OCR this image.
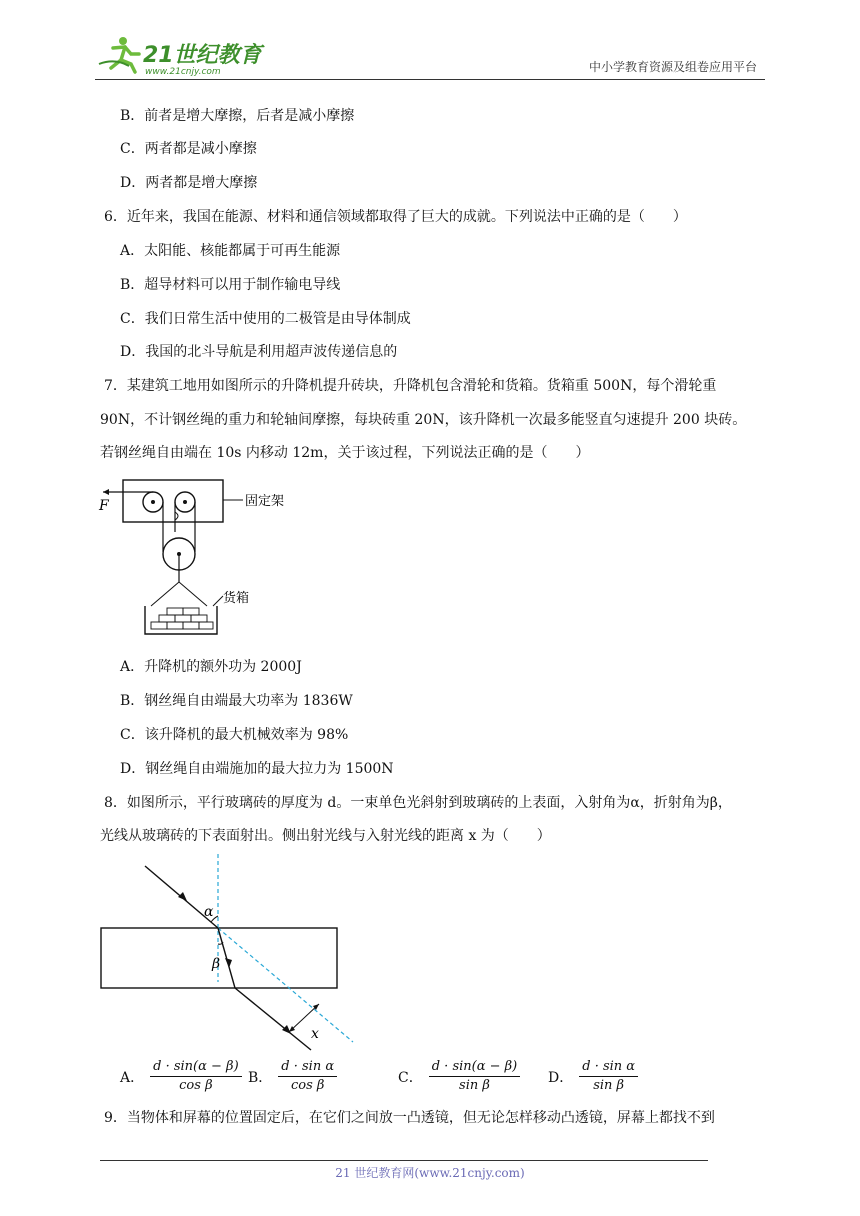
21世纪教育
www.21cnjy.com	中小学教育资源及组卷应用平台
B．前者是增大摩擦，后者是减小摩擦
C．两者都是减小摩擦
D．两者都是增大摩擦
6．近年来，我国在能源、材料和通信领域都取得了巨大的成就。下列说法中正确的是（　　）
A．太阳能、核能都属于可再生能源
B．超导材料可以用于制作输电导线
C．我们日常生活中使用的二极管是由导体制成
D．我国的北斗导航是利用超声波传递信息的
7．某建筑工地用如图所示的升降机提升砖块，升降机包含滑轮和货箱。货箱重 500N，每个滑轮重
90N，不计钢丝绳的重力和轮轴间摩擦，每块砖重 20N，该升降机一次最多能竖直匀速提升 200 块砖。
若钢丝绳自由端在 10s 内移动 12m，关于该过程，下列说法正确的是（　　）
固定架
F
货箱
A．升降机的额外功为 2000J
B．钢丝绳自由端最大功率为 1836W
C．该升降机的最大机械效率为 98%
D．钢丝绳自由端施加的最大拉力为 1500N
8．如图所示，平行玻璃砖的厚度为 d。一束单色光斜射到玻璃砖的上表面，入射角为α，折射角为β，
光线从玻璃砖的下表面射出。侧出射光线与入射光线的距离 x 为（　　）
x
α
β
A． $\frac{d \cdot \sin(\alpha - \beta)}{\text{cos β}}$ B． $\frac{\text{d · sin α}}{\text{cos β}}$	C． $\frac{d \cdot \sin(\alpha - \beta)}{\text{sin β}}$ D． $\frac{\text{d · sin α}}{\text{sin β}}$
9．当物体和屏幕的位置固定后，在它们之间放一凸透镜，但无论怎样移动凸透镜，屏幕上都找不到
21 世纪教育网(www.21cnjy.com)
